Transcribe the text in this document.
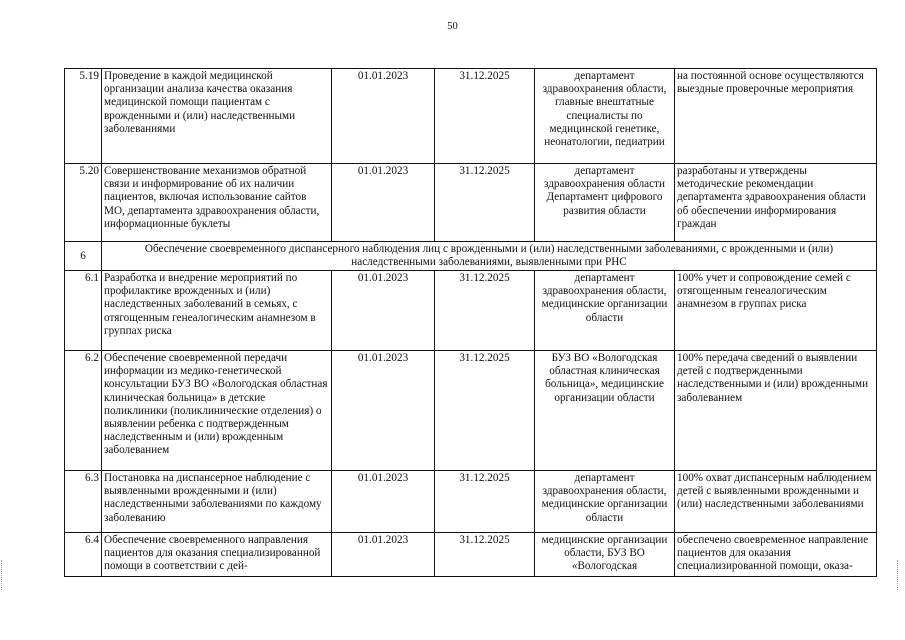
50
5.19	Проведение в каждой медицинской организации анализа качества оказания медицинской помощи пациентам с врожденными и (или) наследственными заболеваниями	01.01.2023	31.12.2025	департамент здравоохранения области, главные внештатные специалисты по медицинской генетике, неонатологии, педиатрии	на постоянной основе осуществляются выездные проверочные мероприятия
5.20	Совершенствование механизмов обратной связи и информирование об их наличии пациентов, включая использование сайтов МО, департамента здравоохранения области, информационные буклеты	01.01.2023	31.12.2025	департамент здравоохранения области Департамент цифрового развития области	разработаны и утверждены методические рекомендации департамента здравоохранения области об обеспечении информирования граждан
6	Обеспечение своевременного диспансерного наблюдения лиц с врожденными и (или) наследственными заболеваниями, с врожденными и (или) наследственными заболеваниями, выявленными при РНС				
6.1	Разработка и внедрение мероприятий по профилактике врожденных и (или) наследственных заболеваний в семьях, с отягощенным генеалогическим анамнезом в группах риска	01.01.2023	31.12.2025	департамент здравоохранения области, медицинские организации области	100% учет и сопровождение семей с отягощенным генеалогическим анамнезом в группах риска
6.2	Обеспечение своевременной передачи информации из медико-генетической консультации БУЗ ВО «Вологодская областная клиническая больница» в детские поликлиники (поликлинические отделения) о выявлении ребенка с подтвержденным наследственным и (или) врожденным заболеванием	01.01.2023	31.12.2025	БУЗ ВО «Вологодская областная клиническая больница», медицинские организации области	100% передача сведений о выявлении детей с подтвержденными наследственными и (или) врожденными заболеванием
6.3	Постановка на диспансерное наблюдение с выявленными врожденными и (или) наследственными заболеваниями по каждому заболеванию	01.01.2023	31.12.2025	департамент здравоохранения области, медицинские организации области	100% охват диспансерным наблюдением детей с выявленными врожденными и (или) наследственными заболеваниями
6.4	Обеспечение своевременного направления пациентов для оказания специализированной помощи в соответствии с дей-	01.01.2023	31.12.2025	медицинские организации области, БУЗ ВО «Вологодская	обеспечено своевременное направление пациентов для оказания специализированной помощи, оказа-
